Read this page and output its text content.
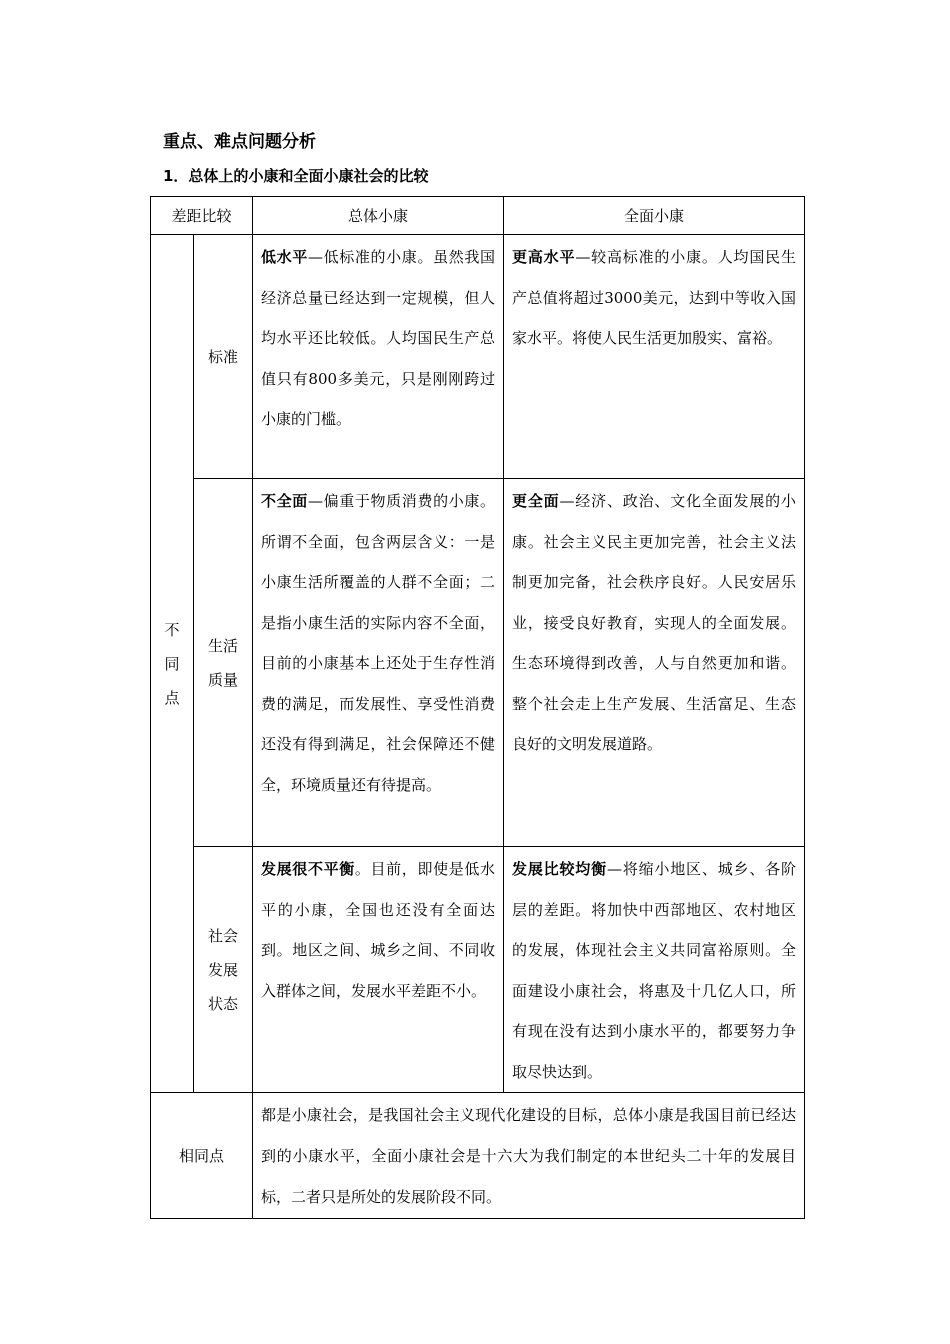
重点、难点问题分析
1．总体上的小康和全面小康社会的比较
差距比较		总体小康	全面小康
不同点	标准	低水平—低标准的小康。虽然我国经济总量已经达到一定规模，但人均水平还比较低。人均国民生产总值只有800多美元，只是刚刚跨过小康的门槛。	更高水平—较高标准的小康。人均国民生产总值将超过3000美元，达到中等收入国家水平。将使人民生活更加殷实、富裕。
	生活质量	不全面—偏重于物质消费的小康。所谓不全面，包含两层含义：一是小康生活所覆盖的人群不全面；二是指小康生活的实际内容不全面，目前的小康基本上还处于生存性消费的满足，而发展性、享受性消费还没有得到满足，社会保障还不健全，环境质量还有待提高。	更全面—经济、政治、文化全面发展的小康。社会主义民主更加完善，社会主义法制更加完备，社会秩序良好。人民安居乐业，接受良好教育，实现人的全面发展。生态环境得到改善，人与自然更加和谐。整个社会走上生产发展、生活富足、生态良好的文明发展道路。
	社会发展状态	发展很不平衡。目前，即使是低水平的小康，全国也还没有全面达到。地区之间、城乡之间、不同收入群体之间，发展水平差距不小。	发展比较均衡—将缩小地区、城乡、各阶层的差距。将加快中西部地区、农村地区的发展，体现社会主义共同富裕原则。全面建设小康社会，将惠及十几亿人口，所有现在没有达到小康水平的，都要努力争取尽快达到。
相同点		都是小康社会，是我国社会主义现代化建设的目标，总体小康是我国目前已经达到的小康水平，全面小康社会是十六大为我们制定的本世纪头二十年的发展目标，二者只是所处的发展阶段不同。	
